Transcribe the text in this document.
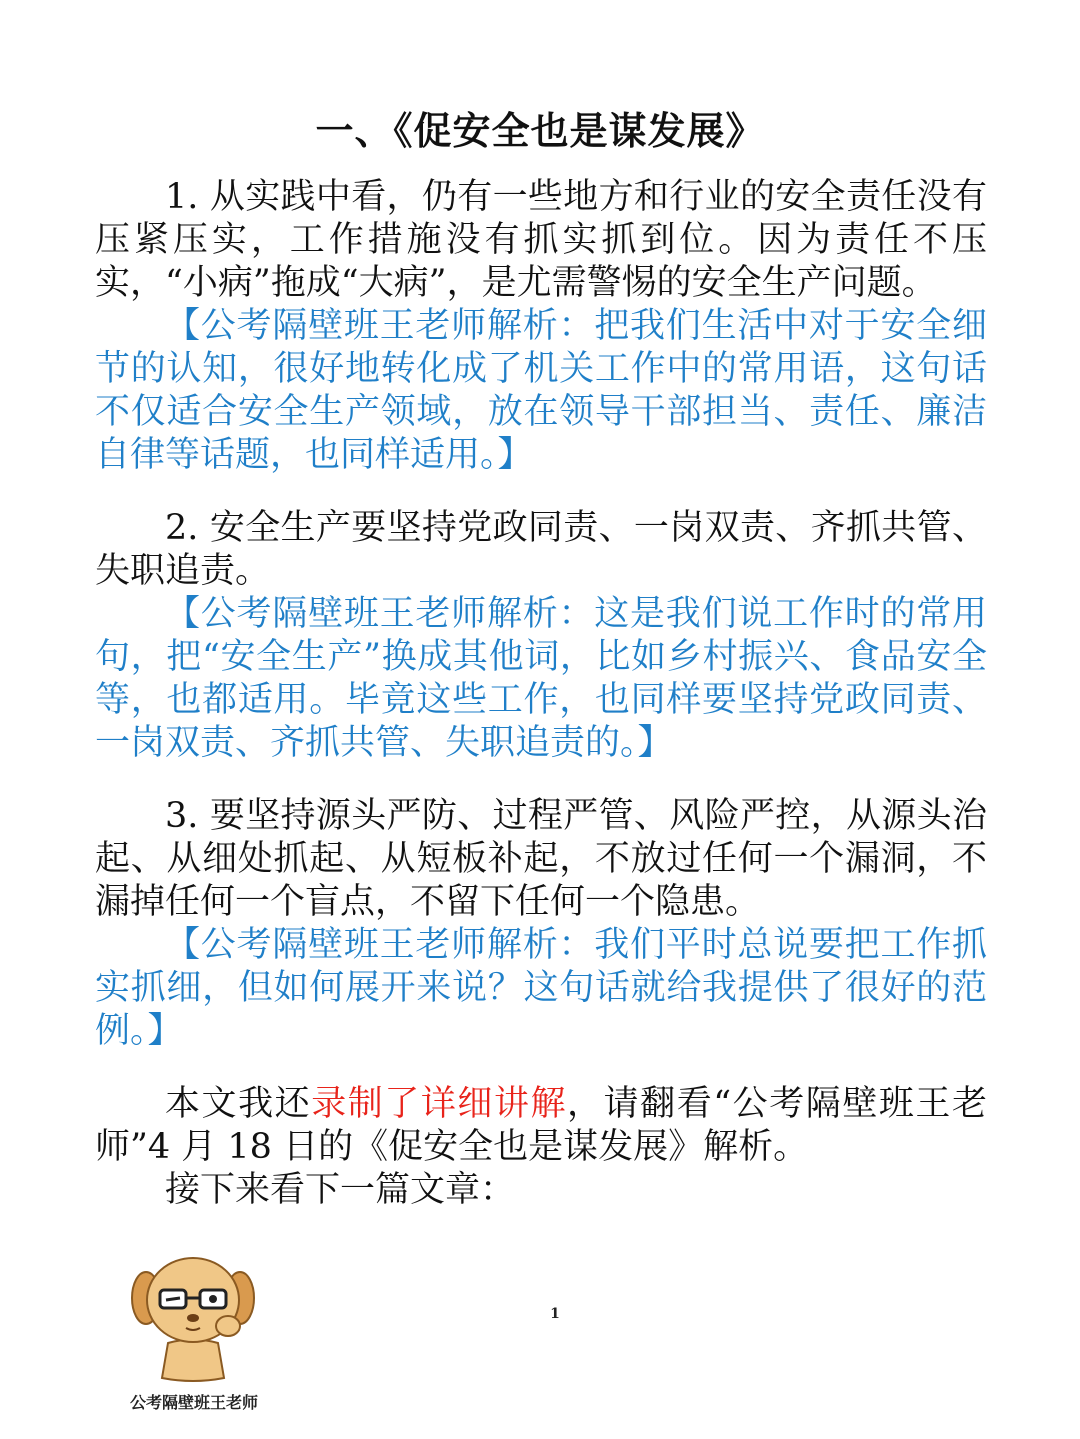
一、《促安全也是谋发展》

1. 从实践中看，仍有一些地方和行业的安全责任没有压紧压实，工作措施没有抓实抓到位。因为责任不压实，“小病”拖成“大病”，是尤需警惕的安全生产问题。

【公考隔壁班王老师解析：把我们生活中对于安全细节的认知，很好地转化成了机关工作中的常用语，这句话不仅适合安全生产领域，放在领导干部担当、责任、廉洁自律等话题，也同样适用。】

2. 安全生产要坚持党政同责、一岗双责、齐抓共管、失职追责。

【公考隔壁班王老师解析：这是我们说工作时的常用句，把“安全生产”换成其他词，比如乡村振兴、食品安全等，也都适用。毕竟这些工作，也同样要坚持党政同责、一岗双责、齐抓共管、失职追责的。】

3. 要坚持源头严防、过程严管、风险严控，从源头治起、从细处抓起、从短板补起，不放过任何一个漏洞，不漏掉任何一个盲点，不留下任何一个隐患。

【公考隔壁班王老师解析：我们平时总说要把工作抓实抓细，但如何展开来说？这句话就给我提供了很好的范例。】

本文我还录制了详细讲解，请翻看“公考隔壁班王老师”4 月 18 日的《促安全也是谋发展》解析。

接下来看下一篇文章：

公考隔壁班王老师
1
